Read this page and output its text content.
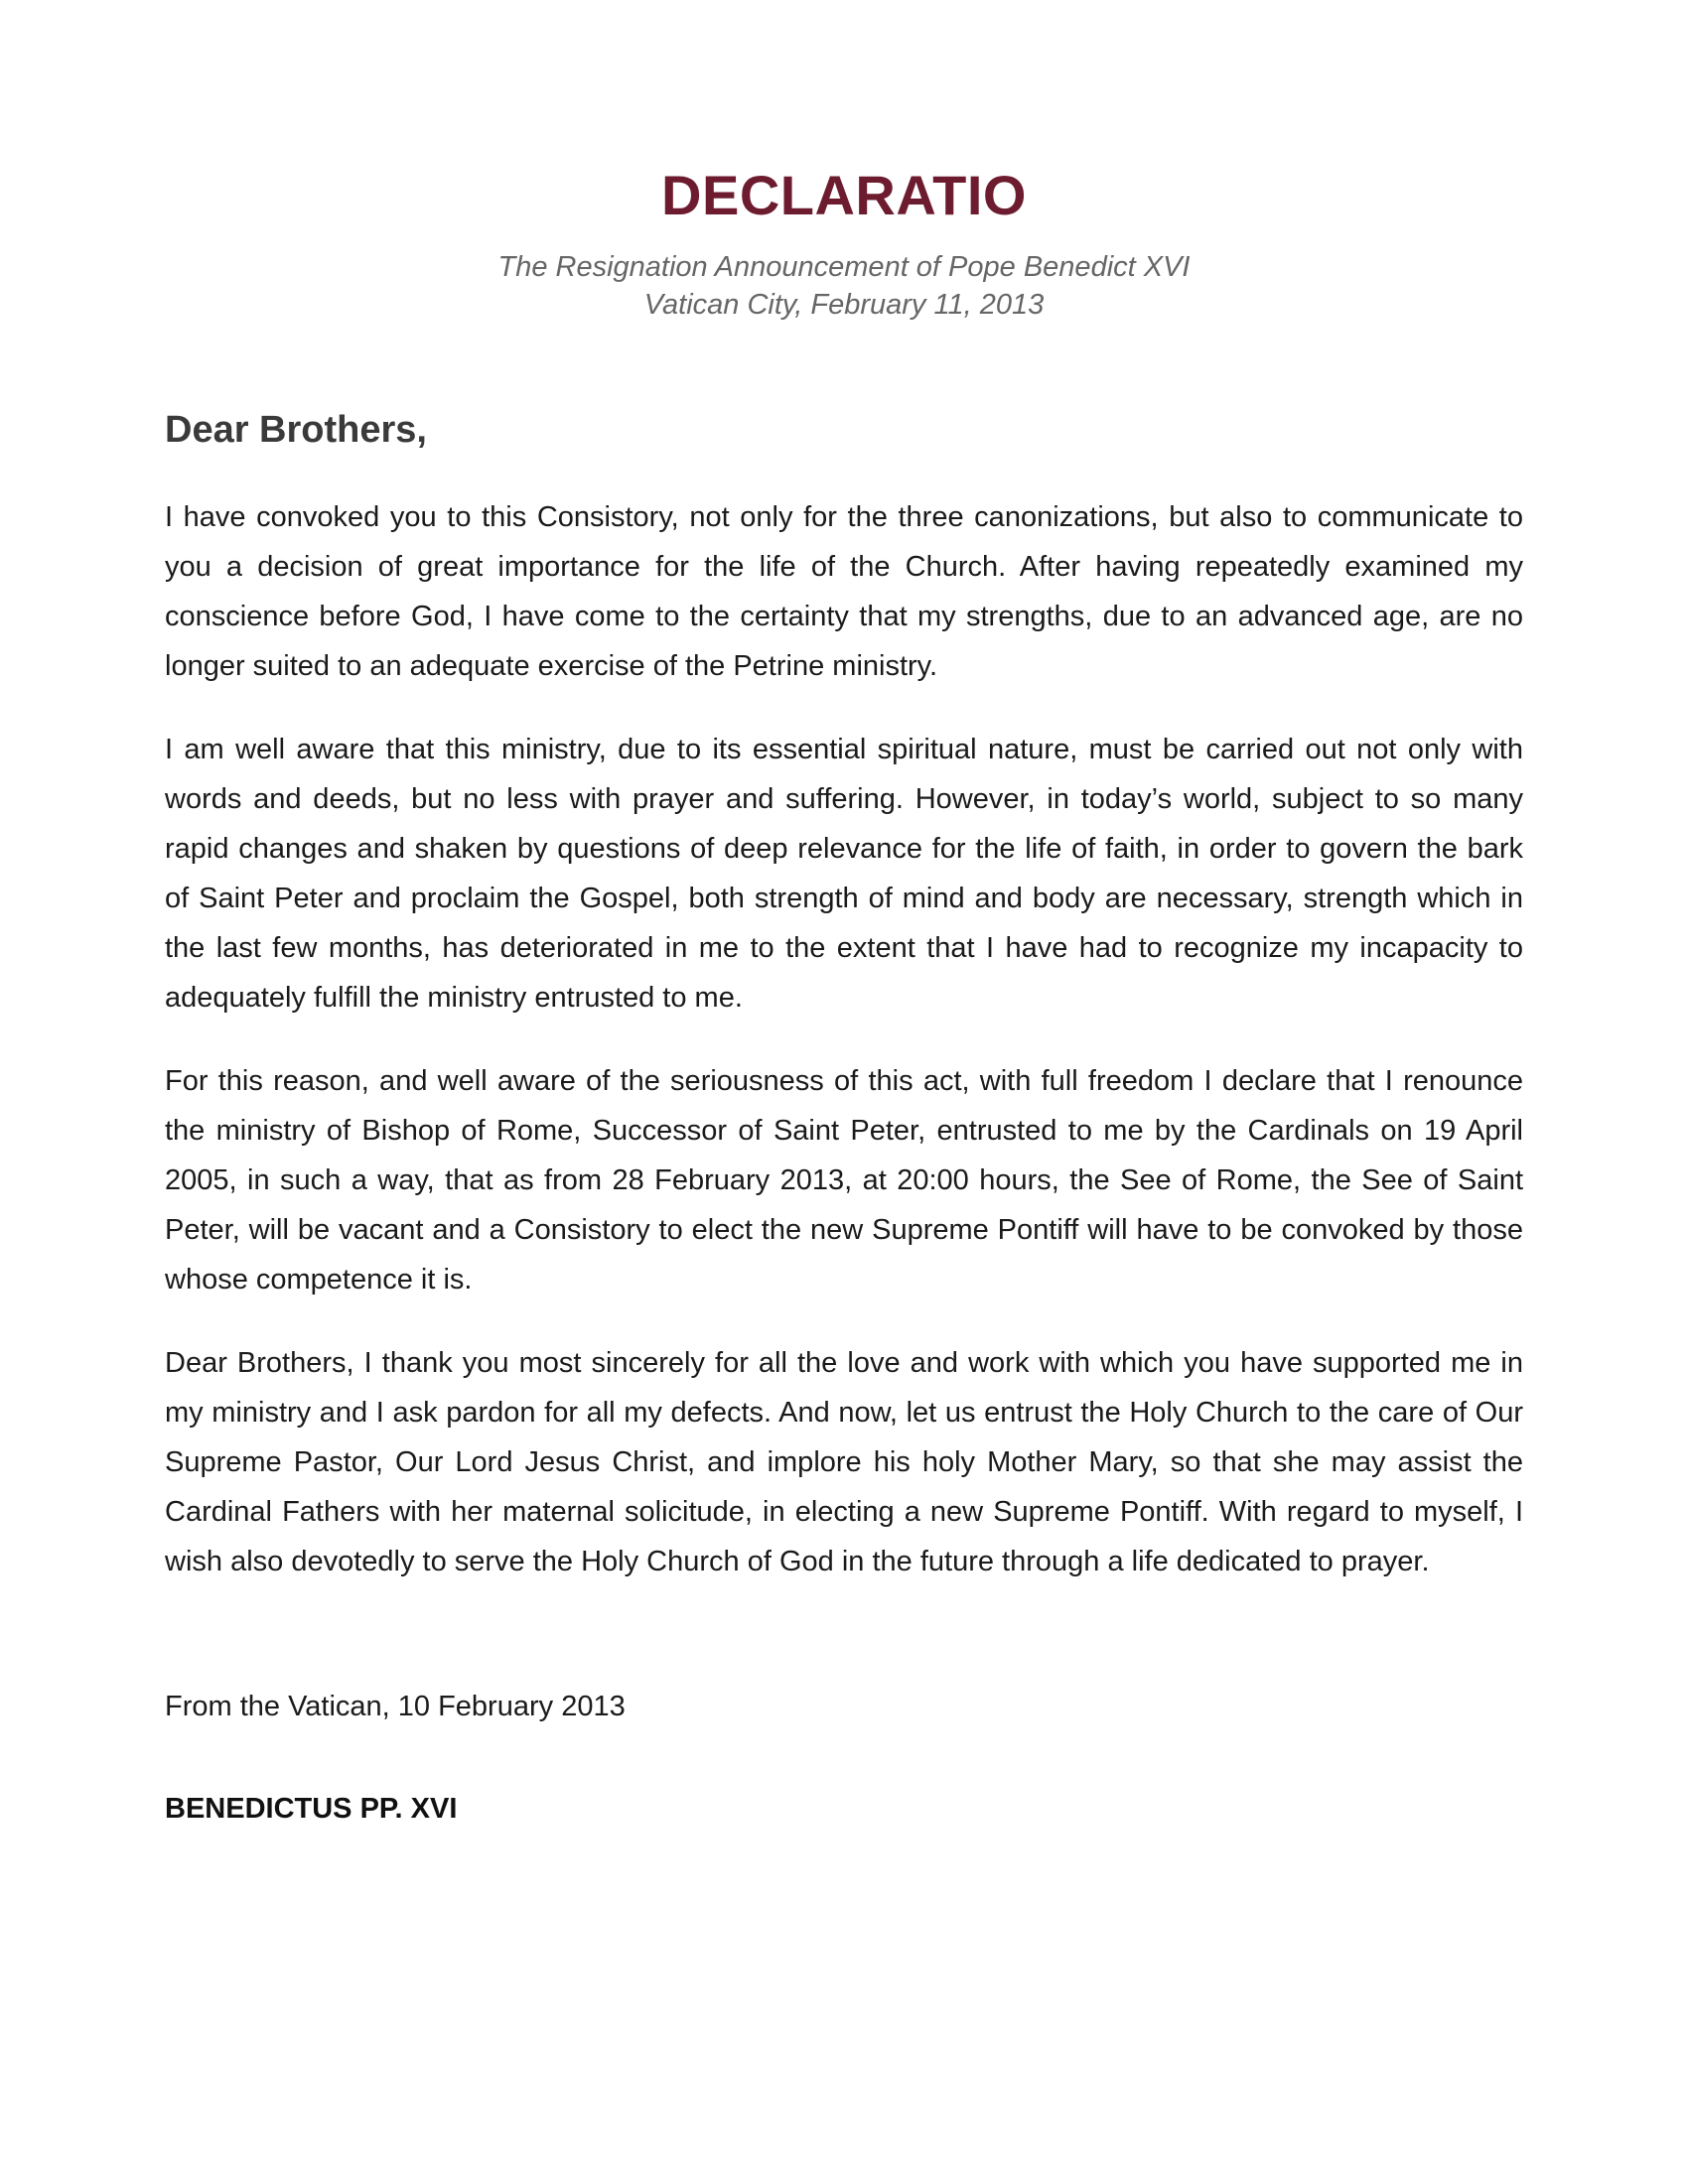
DECLARATIO
The Resignation Announcement of Pope Benedict XVI
Vatican City, February 11, 2013
Dear Brothers,

I have convoked you to this Consistory, not only for the three canonizations, but also to communicate to you a decision of great importance for the life of the Church. After having repeatedly examined my conscience before God, I have come to the certainty that my strengths, due to an advanced age, are no longer suited to an adequate exercise of the Petrine ministry.

I am well aware that this ministry, due to its essential spiritual nature, must be carried out not only with words and deeds, but no less with prayer and suffering. However, in today’s world, subject to so many rapid changes and shaken by questions of deep relevance for the life of faith, in order to govern the bark of Saint Peter and proclaim the Gospel, both strength of mind and body are necessary, strength which in the last few months, has deteriorated in me to the extent that I have had to recognize my incapacity to adequately fulfill the ministry entrusted to me.

For this reason, and well aware of the seriousness of this act, with full freedom I declare that I renounce the ministry of Bishop of Rome, Successor of Saint Peter, entrusted to me by the Cardinals on 19 April 2005, in such a way, that as from 28 February 2013, at 20:00 hours, the See of Rome, the See of Saint Peter, will be vacant and a Consistory to elect the new Supreme Pontiff will have to be convoked by those whose competence it is.

Dear Brothers, I thank you most sincerely for all the love and work with which you have supported me in my ministry and I ask pardon for all my defects. And now, let us entrust the Holy Church to the care of Our Supreme Pastor, Our Lord Jesus Christ, and implore his holy Mother Mary, so that she may assist the Cardinal Fathers with her maternal solicitude, in electing a new Supreme Pontiff. With regard to myself, I wish also devotedly to serve the Holy Church of God in the future through a life dedicated to prayer.

From the Vatican, 10 February 2013
BENEDICTUS PP. XVI
